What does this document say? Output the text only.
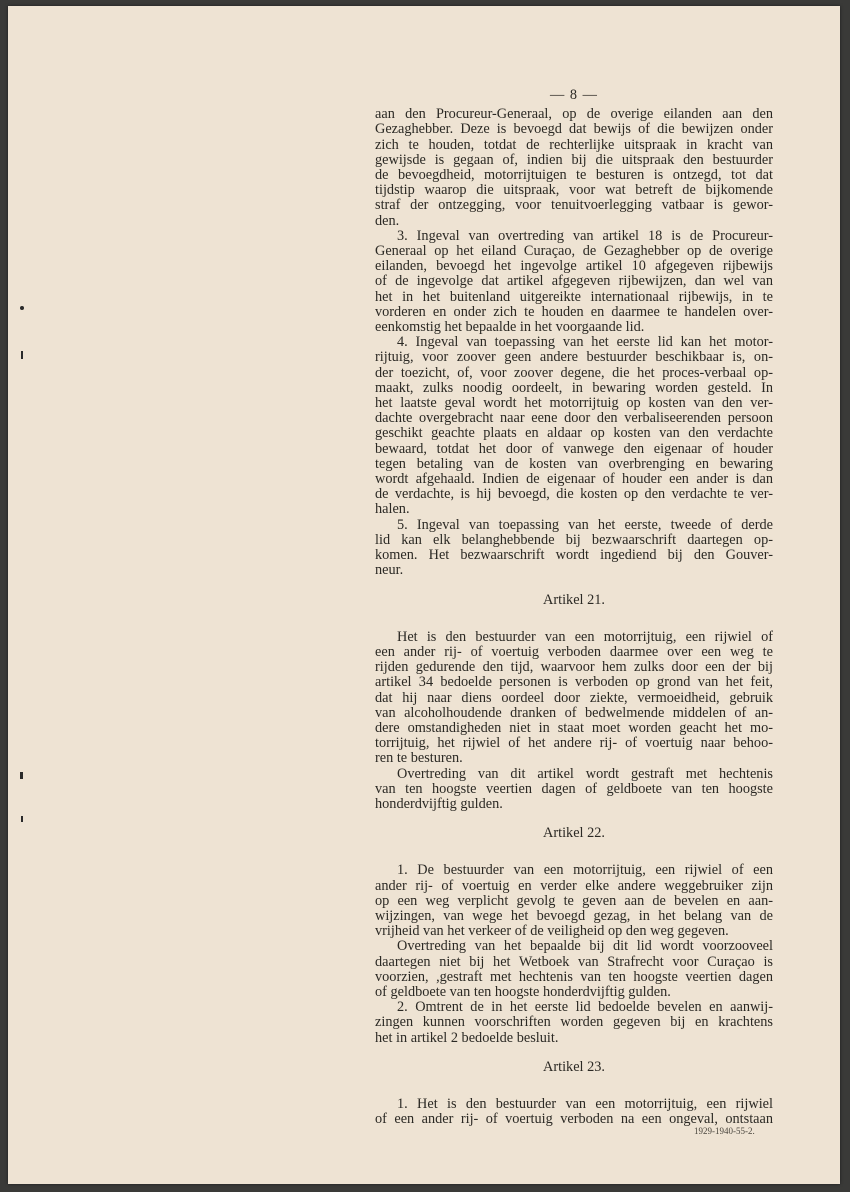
— 8 —
aan den Procureur-Generaal, op de overige eilanden aan den
Gezaghebber. Deze is bevoegd dat bewijs of die bewijzen onder
zich te houden, totdat de rechterlijke uitspraak in kracht van
gewijsde is gegaan of, indien bij die uitspraak den bestuurder
de bevoegdheid, motorrijtuigen te besturen is ontzegd, tot dat
tijdstip waarop die uitspraak, voor wat betreft de bijkomende
straf der ontzegging, voor tenuitvoerlegging vatbaar is gewor-
den.
3. Ingeval van overtreding van artikel 18 is de Procureur-
Generaal op het eiland Curaçao, de Gezaghebber op de overige
eilanden, bevoegd het ingevolge artikel 10 afgegeven rijbewijs
of de ingevolge dat artikel afgegeven rijbewijzen, dan wel van
het in het buitenland uitgereikte internationaal rijbewijs, in te
vorderen en onder zich te houden en daarmee te handelen over-
eenkomstig het bepaalde in het voorgaande lid.
4. Ingeval van toepassing van het eerste lid kan het motor-
rijtuig, voor zoover geen andere bestuurder beschikbaar is, on-
der toezicht, of, voor zoover degene, die het proces-verbaal op-
maakt, zulks noodig oordeelt, in bewaring worden gesteld. In
het laatste geval wordt het motorrijtuig op kosten van den ver-
dachte overgebracht naar eene door den verbaliseerenden persoon
geschikt geachte plaats en aldaar op kosten van den verdachte
bewaard, totdat het door of vanwege den eigenaar of houder
tegen betaling van de kosten van overbrenging en bewaring
wordt afgehaald. Indien de eigenaar of houder een ander is dan
de verdachte, is hij bevoegd, die kosten op den verdachte te ver-
halen.
5. Ingeval van toepassing van het eerste, tweede of derde
lid kan elk belanghebbende bij bezwaarschrift daartegen op-
komen. Het bezwaarschrift wordt ingediend bij den Gouver-
neur.
Artikel 21.
Het is den bestuurder van een motorrijtuig, een rijwiel of
een ander rij- of voertuig verboden daarmee over een weg te
rijden gedurende den tijd, waarvoor hem zulks door een der bij
artikel 34 bedoelde personen is verboden op grond van het feit,
dat hij naar diens oordeel door ziekte, vermoeidheid, gebruik
van alcoholhoudende dranken of bedwelmende middelen of an-
dere omstandigheden niet in staat moet worden geacht het mo-
torrijtuig, het rijwiel of het andere rij- of voertuig naar behoo-
ren te besturen.
Overtreding van dit artikel wordt gestraft met hechtenis
van ten hoogste veertien dagen of geldboete van ten hoogste
honderdvijftig gulden.
Artikel 22.
1. De bestuurder van een motorrijtuig, een rijwiel of een
ander rij- of voertuig en verder elke andere weggebruiker zijn
op een weg verplicht gevolg te geven aan de bevelen en aan-
wijzingen, van wege het bevoegd gezag, in het belang van de
vrijheid van het verkeer of de veiligheid op den weg gegeven.
Overtreding van het bepaalde bij dit lid wordt voorzooveel
daartegen niet bij het Wetboek van Strafrecht voor Curaçao is
voorzien, ,gestraft met hechtenis van ten hoogste veertien dagen
of geldboete van ten hoogste honderdvijftig gulden.
2. Omtrent de in het eerste lid bedoelde bevelen en aanwij-
zingen kunnen voorschriften worden gegeven bij en krachtens
het in artikel 2 bedoelde besluit.
Artikel 23.
1. Het is den bestuurder van een motorrijtuig, een rijwiel
of een ander rij- of voertuig verboden na een ongeval, ontstaan
1929-1940-55-2.
